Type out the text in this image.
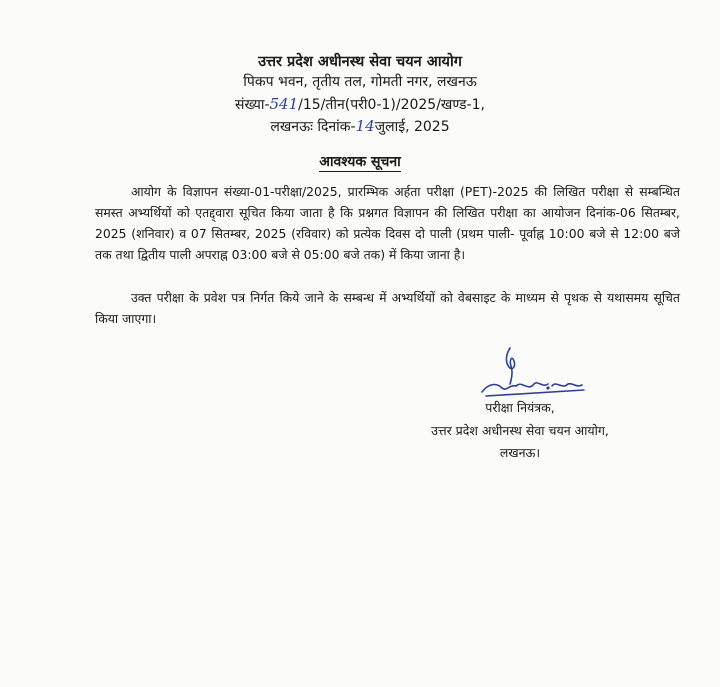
उत्तर प्रदेश अधीनस्थ सेवा चयन आयोग
पिकप भवन, तृतीय तल, गोमती नगर, लखनऊ
संख्या-541/15/तीन(परी0-1)/2025/खण्ड-1,
लखनऊः दिनांक-14जुलाई, 2025
आवश्यक सूचना
आयोग के विज्ञापन संख्या-01-परीक्षा/2025, प्रारम्भिक अर्हता परीक्षा (PET)-2025 की लिखित परीक्षा से सम्बन्धित समस्त अभ्यर्थियों को एतद्द्वारा सूचित किया जाता है कि प्रश्नगत विज्ञापन की लिखित परीक्षा का आयोजन दिनांक-06 सितम्बर, 2025 (शनिवार) व 07 सितम्बर, 2025 (रविवार) को प्रत्येक दिवस दो पाली (प्रथम पाली- पूर्वाह्न 10:00 बजे से 12:00 बजे तक तथा द्वितीय पाली अपराह्न 03:00 बजे से 05:00 बजे तक) में किया जाना है।
उक्त परीक्षा के प्रवेश पत्र निर्गत किये जाने के सम्बन्ध में अभ्यर्थियों को वेबसाइट के माध्यम से पृथक से यथासमय सूचित किया जाएगा।
परीक्षा नियंत्रक,
उत्तर प्रदेश अधीनस्थ सेवा चयन आयोग,
लखनऊ।
